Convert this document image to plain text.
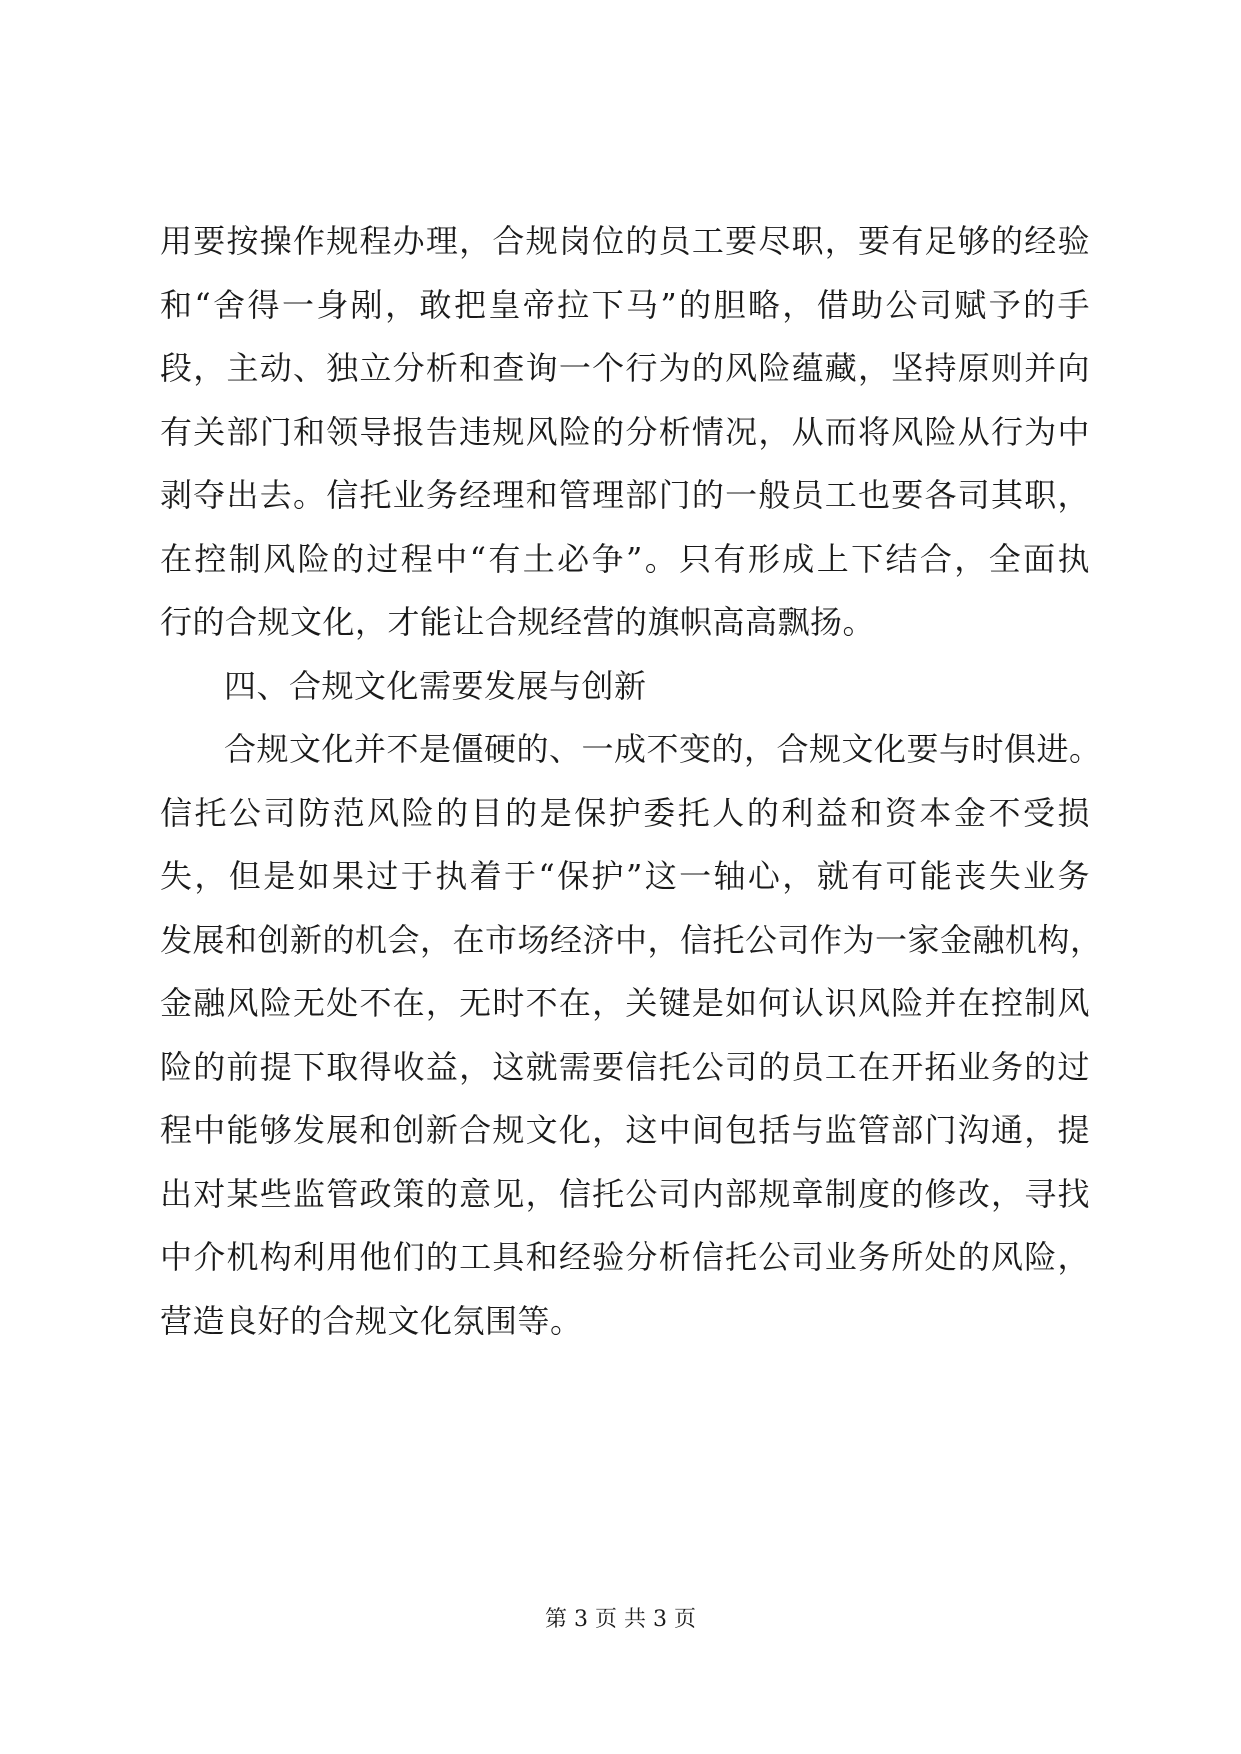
用要按操作规程办理，合规岗位的员工要尽职，要有足够的经验
和“舍得一身剐，敢把皇帝拉下马”的胆略，借助公司赋予的手
段，主动、独立分析和查询一个行为的风险蕴藏，坚持原则并向
有关部门和领导报告违规风险的分析情况，从而将风险从行为中
剥夺出去。信托业务经理和管理部门的一般员工也要各司其职，
在控制风险的过程中“有土必争”。只有形成上下结合，全面执
行的合规文化，才能让合规经营的旗帜高高飘扬。
四、合规文化需要发展与创新
合规文化并不是僵硬的、一成不变的，合规文化要与时俱进。
信托公司防范风险的目的是保护委托人的利益和资本金不受损
失，但是如果过于执着于“保护”这一轴心，就有可能丧失业务
发展和创新的机会，在市场经济中，信托公司作为一家金融机构，
金融风险无处不在，无时不在，关键是如何认识风险并在控制风
险的前提下取得收益，这就需要信托公司的员工在开拓业务的过
程中能够发展和创新合规文化，这中间包括与监管部门沟通，提
出对某些监管政策的意见，信托公司内部规章制度的修改，寻找
中介机构利用他们的工具和经验分析信托公司业务所处的风险，
营造良好的合规文化氛围等。
第 3 页 共 3 页
